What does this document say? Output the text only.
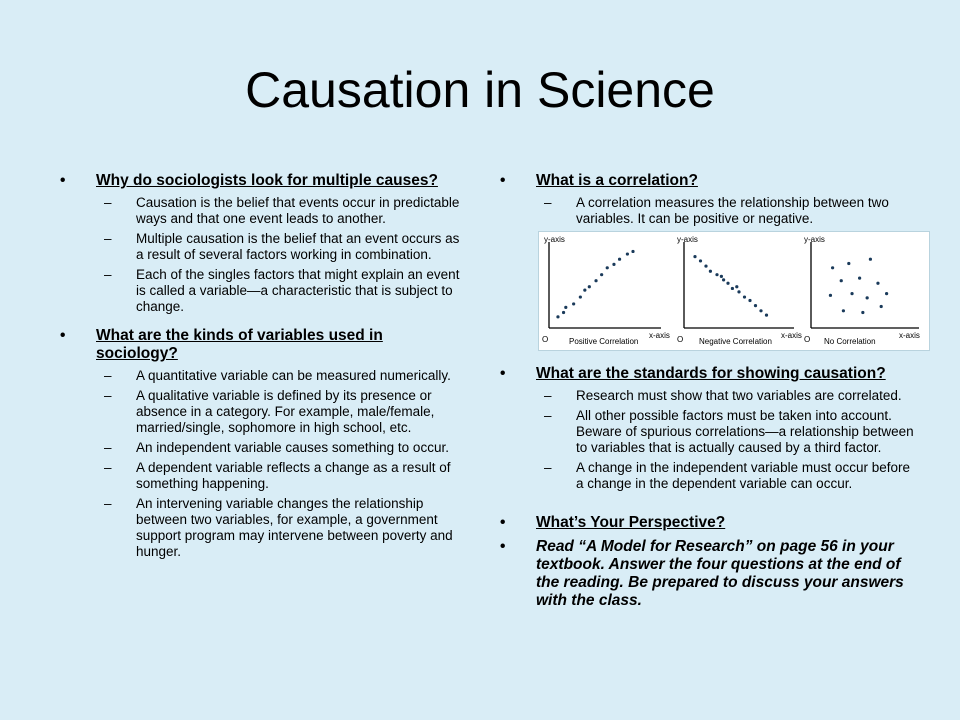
Causation in Science
• Why do sociologists look for multiple causes?
– Causation is the belief that events occur in predictable ways and that one event leads to another.
– Multiple causation is the belief that an event occurs as a result of several factors working in combination.
– Each of the singles factors that might explain an event is called a variable—a characteristic that is subject to change.
• What are the kinds of variables used in sociology?
– A quantitative variable can be measured numerically.
– A qualitative variable is defined by its presence or absence in a category. For example, male/female, married/single, sophomore in high school, etc.
– An independent variable causes something to occur.
– A dependent variable reflects a change as a result of something happening.
– An intervening variable changes the relationship between two variables, for example, a government support program may intervene between poverty and hunger.
• What is a correlation?
– A correlation measures the relationship between two variables. It can be positive or negative.
y-axis
x-axis
O	Positive Correlation
y-axis
x-axis
O Negative Correlation
y-axis
x-axis
O No Correlation
• What are the standards for showing causation?
– Research must show that two variables are correlated.
– All other possible factors must be taken into account. Beware of spurious correlations—a relationship between to variables that is actually caused by a third factor.
– A change in the independent variable must occur before a change in the dependent variable can occur.
• What’s Your Perspective?
• Read “A Model for Research” on page 56 in your textbook. Answer the four questions at the end of the reading. Be prepared to discuss your answers with the class.
